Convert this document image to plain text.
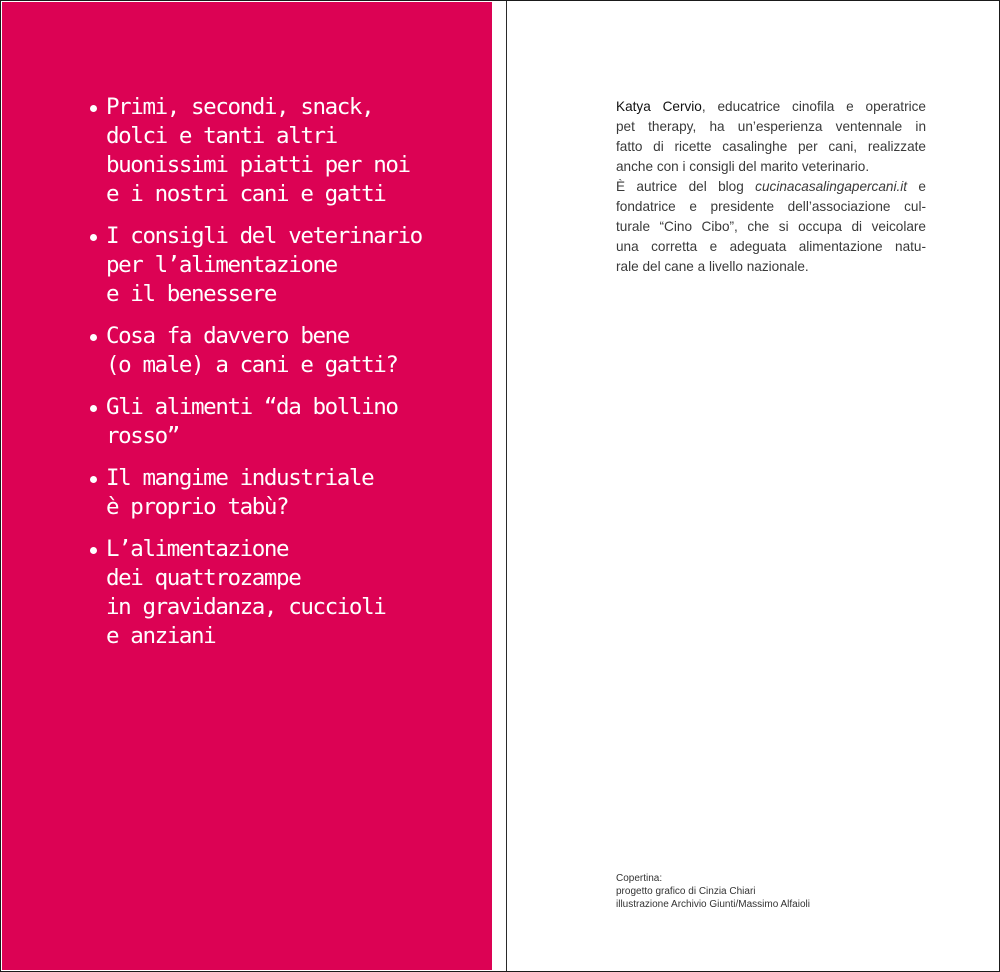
Primi, secondi, snack,
dolci e tanti altri
buonissimi piatti per noi
e i nostri cani e gatti
I consigli del veterinario
per l’alimentazione
e il benessere
Cosa fa davvero bene
(o male) a cani e gatti?
Gli alimenti “da bollino
rosso”
Il mangime industriale
è proprio tabù?
L’alimentazione
dei quattrozampe
in gravidanza, cuccioli
e anziani
Katya Cervio, educatrice cinofila e operatrice
pet therapy, ha un’esperienza ventennale in
fatto di ricette casalinghe per cani, realizzate
anche con i consigli del marito veterinario.
È autrice del blog cucinacasalingapercani.it e
fondatrice e presidente dell’associazione cul-
turale “Cino Cibo”, che si occupa di veicolare
una corretta e adeguata alimentazione natu-
rale del cane a livello nazionale.
Copertina:
progetto grafico di Cinzia Chiari
illustrazione Archivio Giunti/Massimo Alfaioli
